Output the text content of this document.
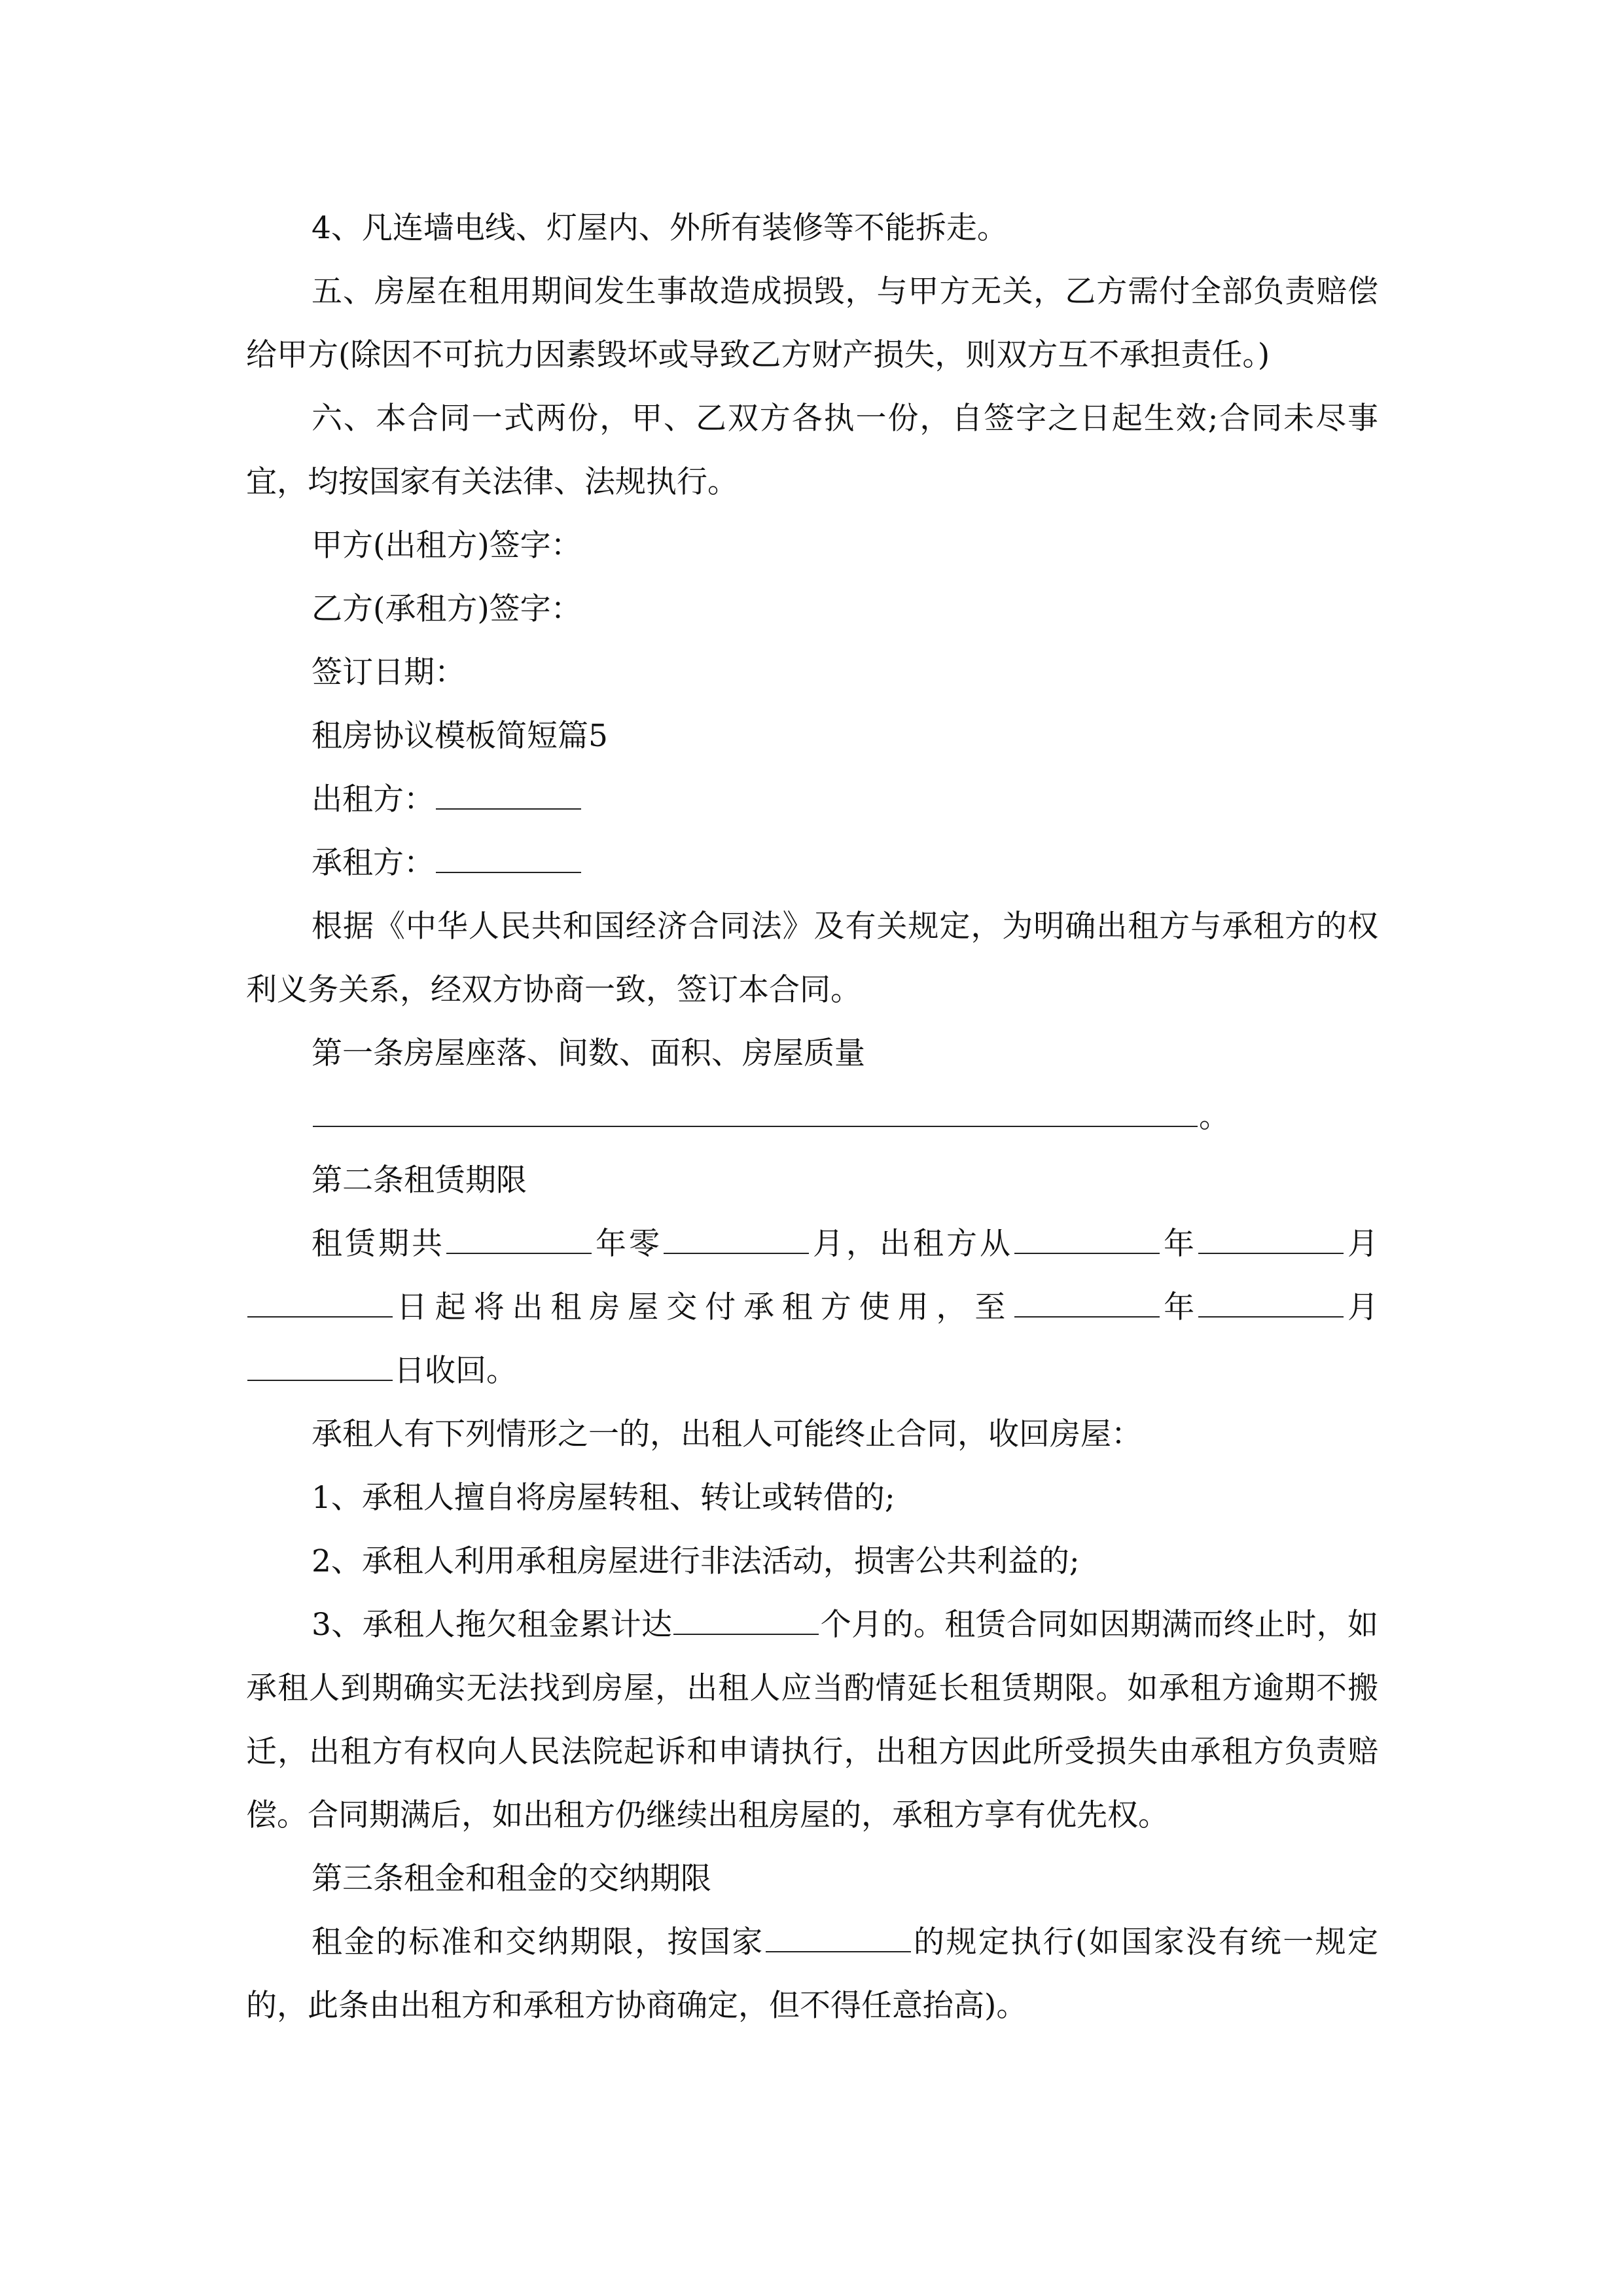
4、凡连墙电线、灯屋内、外所有装修等不能拆走。

五、房屋在租用期间发生事故造成损毁，与甲方无关，乙方需付全部负责赔偿给甲方(除因不可抗力因素毁坏或导致乙方财产损失，则双方互不承担责任。)

六、本合同一式两份，甲、乙双方各执一份，自签字之日起生效;合同未尽事宜，均按国家有关法律、法规执行。

甲方(出租方)签字：

乙方(承租方)签字：

签订日期：

租房协议模板简短篇5

出租方：

承租方：

根据《中华人民共和国经济合同法》及有关规定，为明确出租方与承租方的权利义务关系，经双方协商一致，签订本合同。

第一条房屋座落、间数、面积、房屋质量

。

第二条租赁期限

租赁期共	年零	月，出租方从	年	月日起将出租房屋交付承租方使用，至	年	月日收回。

承租人有下列情形之一的，出租人可能终止合同，收回房屋：

1、承租人擅自将房屋转租、转让或转借的;

2、承租人利用承租房屋进行非法活动，损害公共利益的;

3、承租人拖欠租金累计达	个月的。租赁合同如因期满而终止时，如承租人到期确实无法找到房屋，出租人应当酌情延长租赁期限。如承租方逾期不搬迁，出租方有权向人民法院起诉和申请执行，出租方因此所受损失由承租方负责赔偿。合同期满后，如出租方仍继续出租房屋的，承租方享有优先权。

第三条租金和租金的交纳期限

租金的标准和交纳期限，按国家	的规定执行(如国家没有统一规定的，此条由出租方和承租方协商确定，但不得任意抬高)。
